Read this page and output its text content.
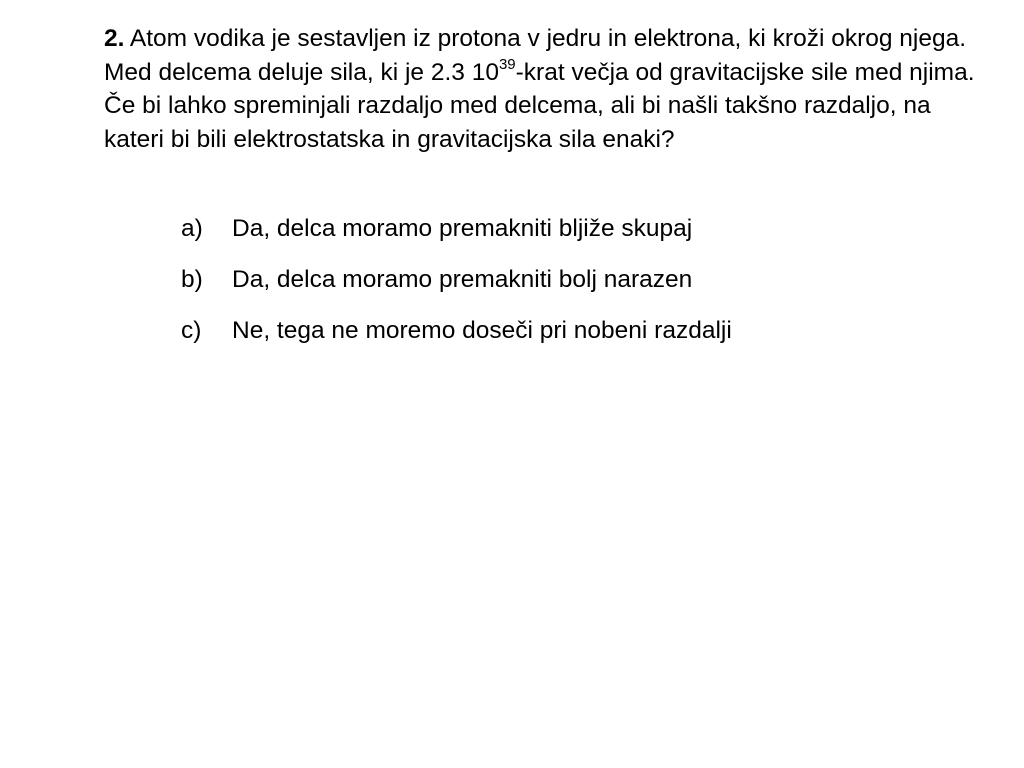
2. Atom vodika je sestavljen iz protona v jedru in elektrona, ki kroži okrog njega. Med delcema deluje sila, ki je 2.3 $10^{39}$-krat večja od gravitacijske sile med njima. Če bi lahko spreminjali razdaljo med delcema, ali bi našli takšno razdaljo, na kateri bi bili elektrostatska in gravitacijska sila enaki?

a)	Da, delca moramo premakniti bljiže skupaj
b)	Da, delca moramo premakniti bolj narazen
c)	Ne, tega ne moremo doseči pri nobeni razdalji
